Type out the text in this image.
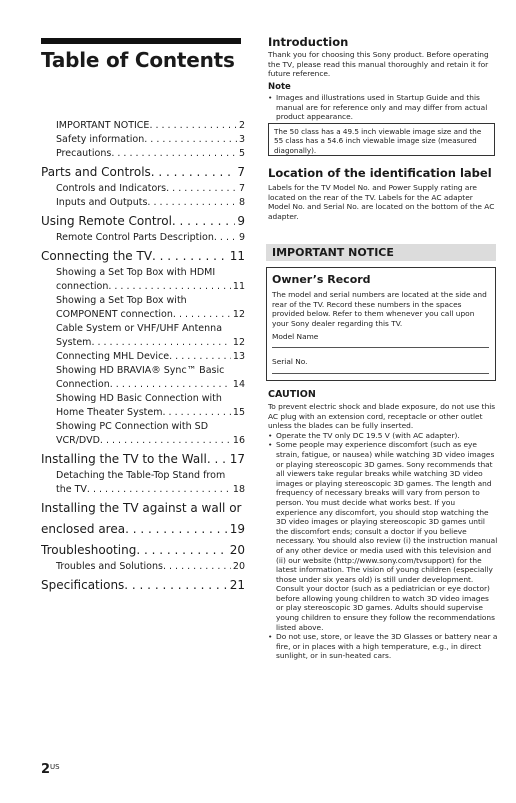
Table of Contents
IMPORTANT NOTICE . . .	2
Safety information . . .	3
Precautions . . .	5
Parts and Controls . . .	7
Controls and Indicators . . .	7
Inputs and Outputs . . .	8
Using Remote Control . . .	9
Remote Control Parts Description . . .	9
Connecting the TV . . .	11
Showing a Set Top Box with HDMI
connection . . .	11
Showing a Set Top Box with
COMPONENT connection . . .	12
Cable System or VHF/UHF Antenna
System . . .	12
Connecting MHL Device . . .	13
Showing HD BRAVIA® Sync™ Basic
Connection . . .	14
Showing HD Basic Connection with
Home Theater System . . .	15
Showing PC Connection with SD
VCR/DVD . . .	16
Installing the TV to the Wall . . . 17
Detaching the Table-Top Stand from
the TV . . .	18
Installing the TV against a wall or
enclosed area . . .	19
Troubleshooting . . .	20
Troubles and Solutions . . .	20
Specifications . . .	21
$2^{US}$
Introduction
Thank you for choosing this Sony product. Before operating the TV, please read this manual thoroughly and retain it for future reference.
Note
• Images and illustrations used in Startup Guide and this manual are for reference only and may differ from actual product appearance.
The 50 class has a 49.5 inch viewable image size and the 55 class has a 54.6 inch viewable image size (measured diagonally).
Location of the identification label
Labels for the TV Model No. and Power Supply rating are located on the rear of the TV. Labels for the AC adapter Model No. and Serial No. are located on the bottom of the AC adapter.
IMPORTANT NOTICE
Owner’s Record
The model and serial numbers are located at the side and rear of the TV. Record these numbers in the spaces provided below. Refer to them whenever you call upon your Sony dealer regarding this TV.
Model Name
Serial No.
CAUTION
To prevent electric shock and blade exposure, do not use this AC plug with an extension cord, receptacle or other outlet unless the blades can be fully inserted.
• Operate the TV only DC 19.5 V (with AC adapter).
• Some people may experience discomfort (such as eye strain, fatigue, or nausea) while watching 3D video images or playing stereoscopic 3D games. Sony recommends that all viewers take regular breaks while watching 3D video images or playing stereoscopic 3D games. The length and frequency of necessary breaks will vary from person to person. You must decide what works best. If you experience any discomfort, you should stop watching the 3D video images or playing stereoscopic 3D games until the discomfort ends; consult a doctor if you believe necessary. You should also review (i) the instruction manual of any other device or media used with this television and (ii) our website (http://www.sony.com/tvsupport) for the latest information. The vision of young children (especially those under six years old) is still under development. Consult your doctor (such as a pediatrician or eye doctor) before allowing young children to watch 3D video images or play stereoscopic 3D games. Adults should supervise young children to ensure they follow the recommendations listed above.
• Do not use, store, or leave the 3D Glasses or battery near a fire, or in places with a high temperature, e.g., in direct sunlight, or in sun-heated cars.
